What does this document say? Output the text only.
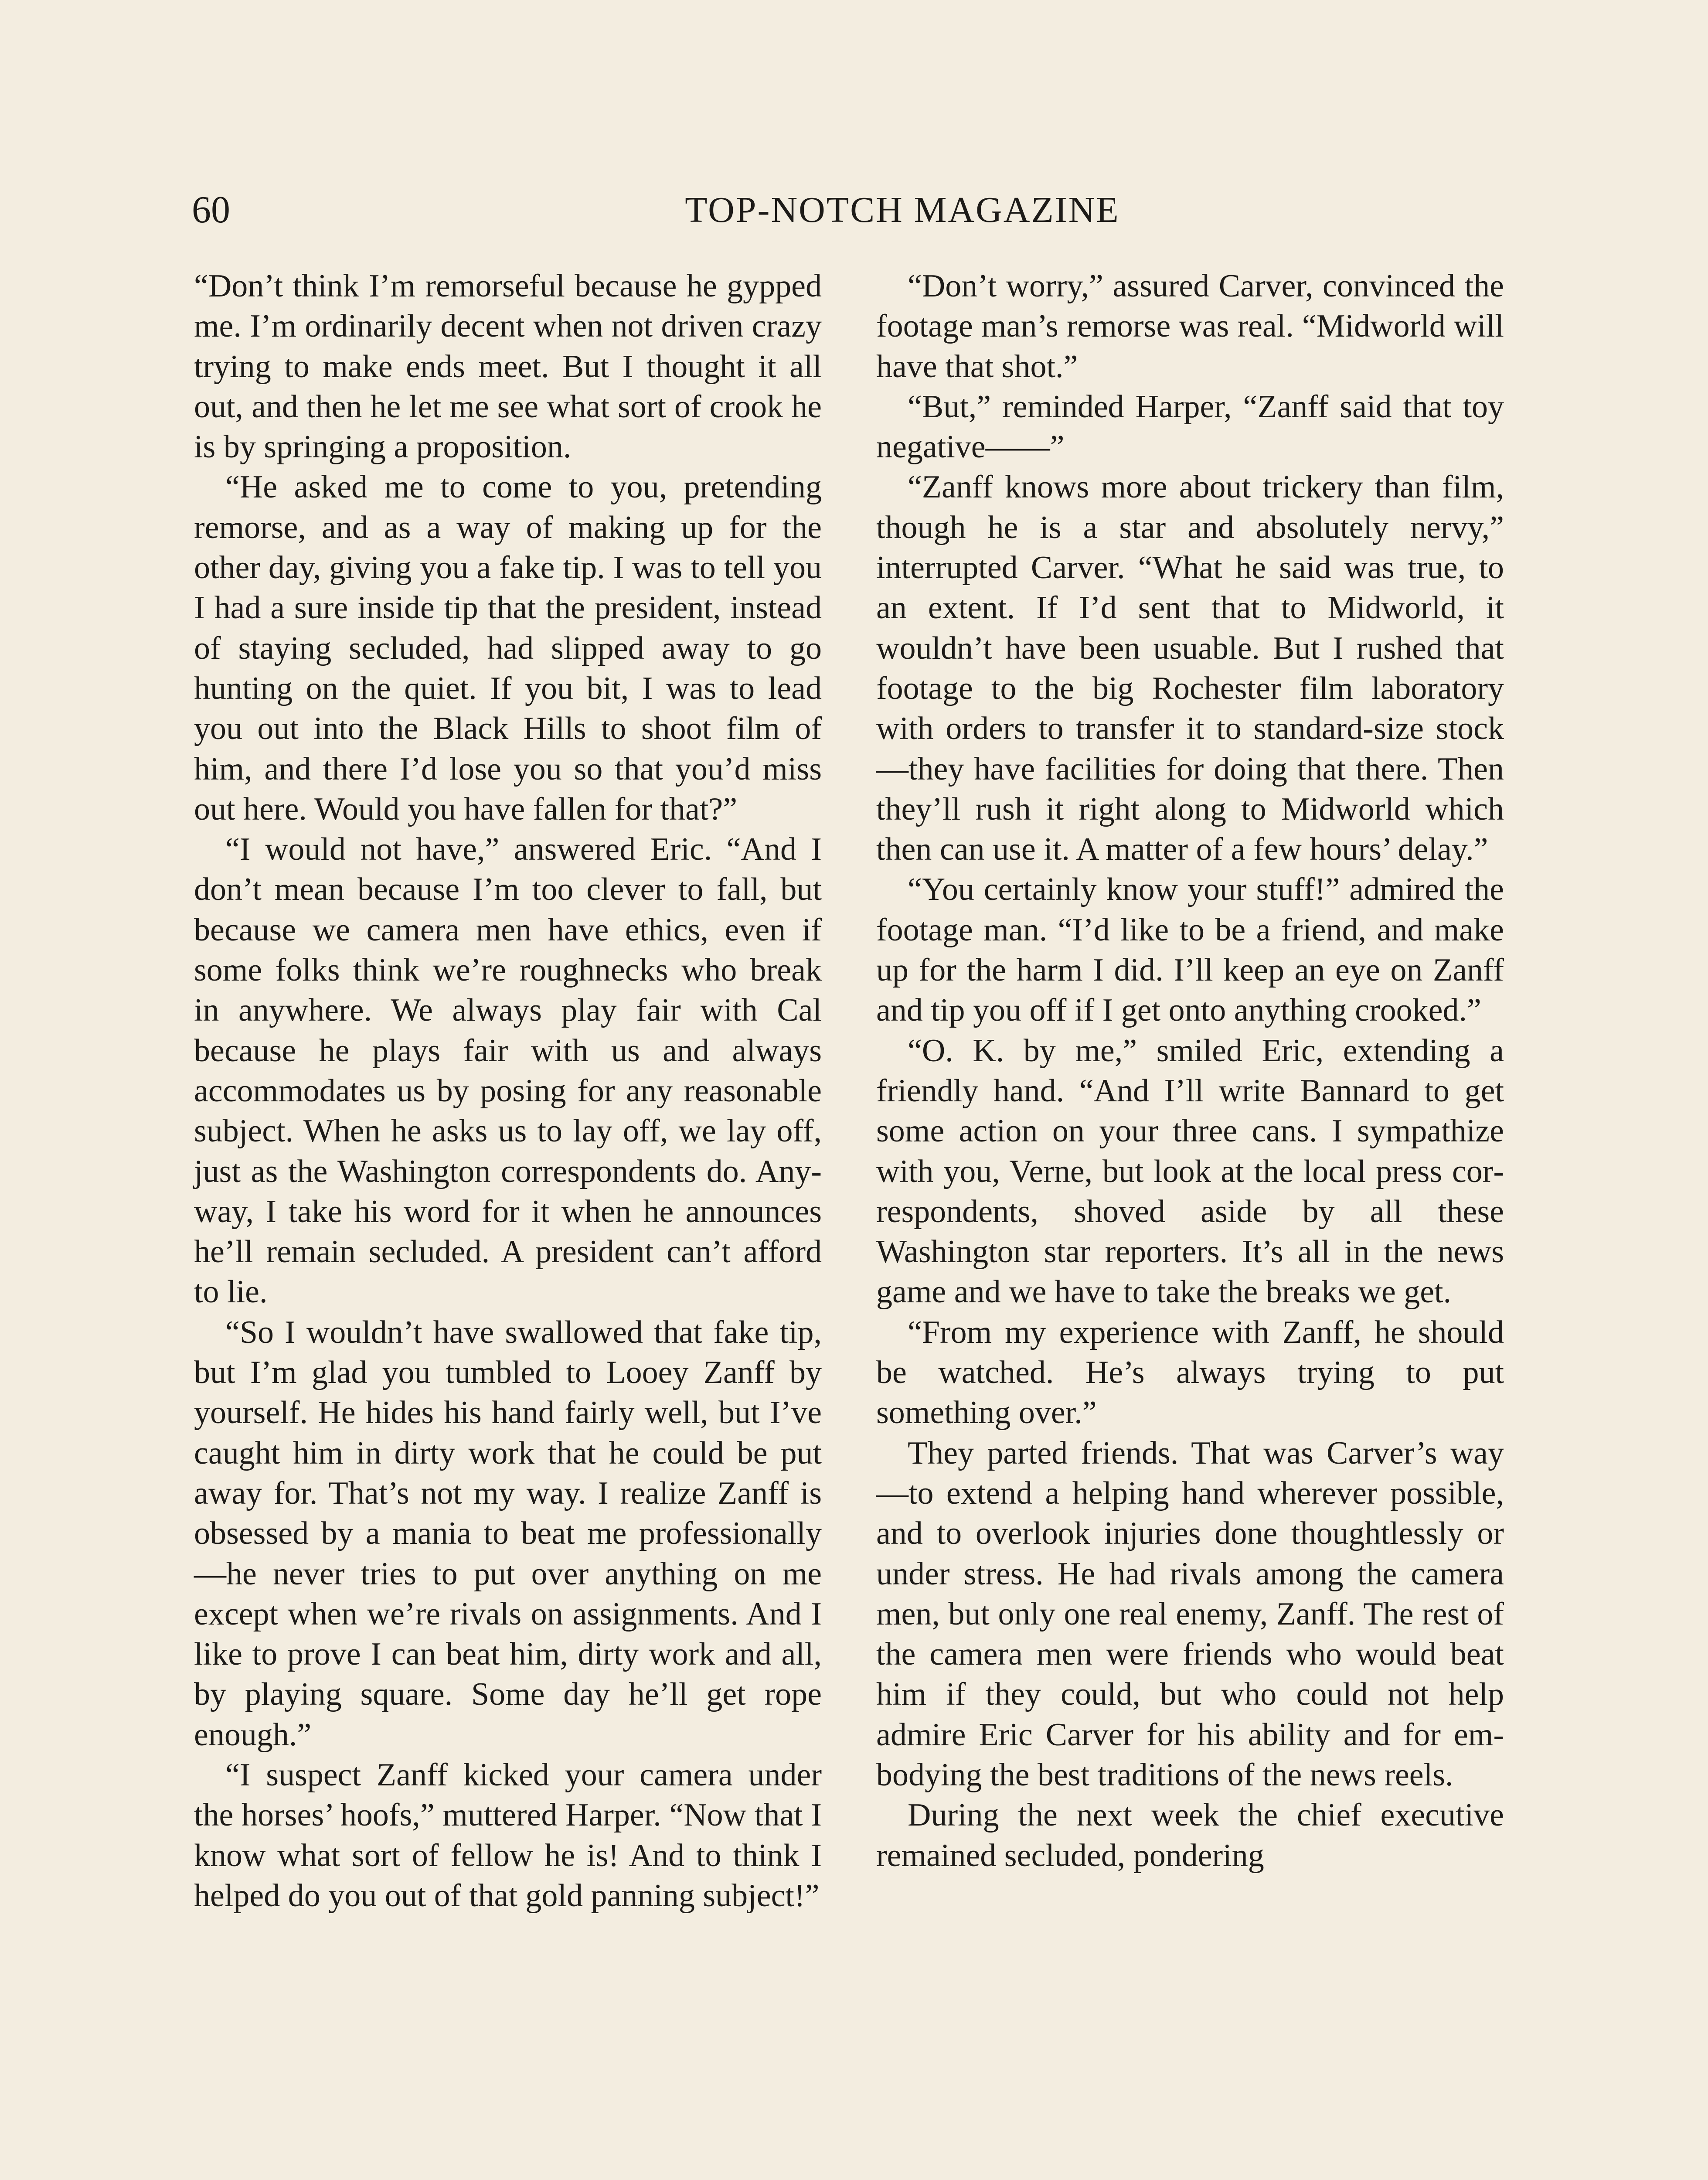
60	TOP-NOTCH MAGAZINE

“Don’t think I’m remorseful because he gypped me. I’m ordinarily decent when not driven crazy trying to make ends meet. But I thought it all out, and then he let me see what sort of crook he is by springing a proposition.

“He asked me to come to you, pretending remorse, and as a way of making up for the other day, giving you a fake tip. I was to tell you I had a sure inside tip that the president, instead of staying secluded, had slipped away to go hunting on the quiet. If you bit, I was to lead you out into the Black Hills to shoot film of him, and there I’d lose you so that you’d miss out here. Would you have fallen for that?”

“I would not have,” answered Eric. “And I don’t mean because I’m too clever to fall, but because we camera men have ethics, even if some folks think we’re roughnecks who break in anywhere. We always play fair with Cal because he plays fair with us and always accommodates us by posing for any reasonable subject. When he asks us to lay off, we lay off, just as the Washington correspondents do. Anyway, I take his word for it when he announces he’ll remain secluded. A president can’t afford to lie.

“So I wouldn’t have swallowed that fake tip, but I’m glad you tumbled to Looey Zanff by yourself. He hides his hand fairly well, but I’ve caught him in dirty work that he could be put away for. That’s not my way. I realize Zanff is obsessed by a mania to beat me professionally—he never tries to put over anything on me except when we’re rivals on assignments. And I like to prove I can beat him, dirty work and all, by playing square. Some day he’ll get rope enough.”

“I suspect Zanff kicked your camera under the horses’ hoofs,” muttered Harper. “Now that I know what sort of fellow he is! And to think I helped do you out of that gold panning subject!”

“Don’t worry,” assured Carver, convinced the footage man’s remorse was real. “Midworld will have that shot.”

“But,” reminded Harper, “Zanff said that toy negative——”

“Zanff knows more about trickery than film, though he is a star and absolutely nervy,” interrupted Carver. “What he said was true, to an extent. If I’d sent that to Midworld, it wouldn’t have been usuable. But I rushed that footage to the big Rochester film laboratory with orders to transfer it to standard-size stock—they have facilities for doing that there. Then they’ll rush it right along to Midworld which then can use it. A matter of a few hours’ delay.”

“You certainly know your stuff!” admired the footage man. “I’d like to be a friend, and make up for the harm I did. I’ll keep an eye on Zanff and tip you off if I get onto anything crooked.”

“O. K. by me,” smiled Eric, extending a friendly hand. “And I’ll write Bannard to get some action on your three cans. I sympathize with you, Verne, but look at the local press correspondents, shoved aside by all these Washington star reporters. It’s all in the news game and we have to take the breaks we get.

“From my experience with Zanff, he should be watched. He’s always trying to put something over.”

They parted friends. That was Carver’s way—to extend a helping hand wherever possible, and to overlook injuries done thoughtlessly or under stress. He had rivals among the camera men, but only one real enemy, Zanff. The rest of the camera men were friends who would beat him if they could, but who could not help admire Eric Carver for his ability and for embodying the best traditions of the news reels.

During the next week the chief executive remained secluded, pondering
